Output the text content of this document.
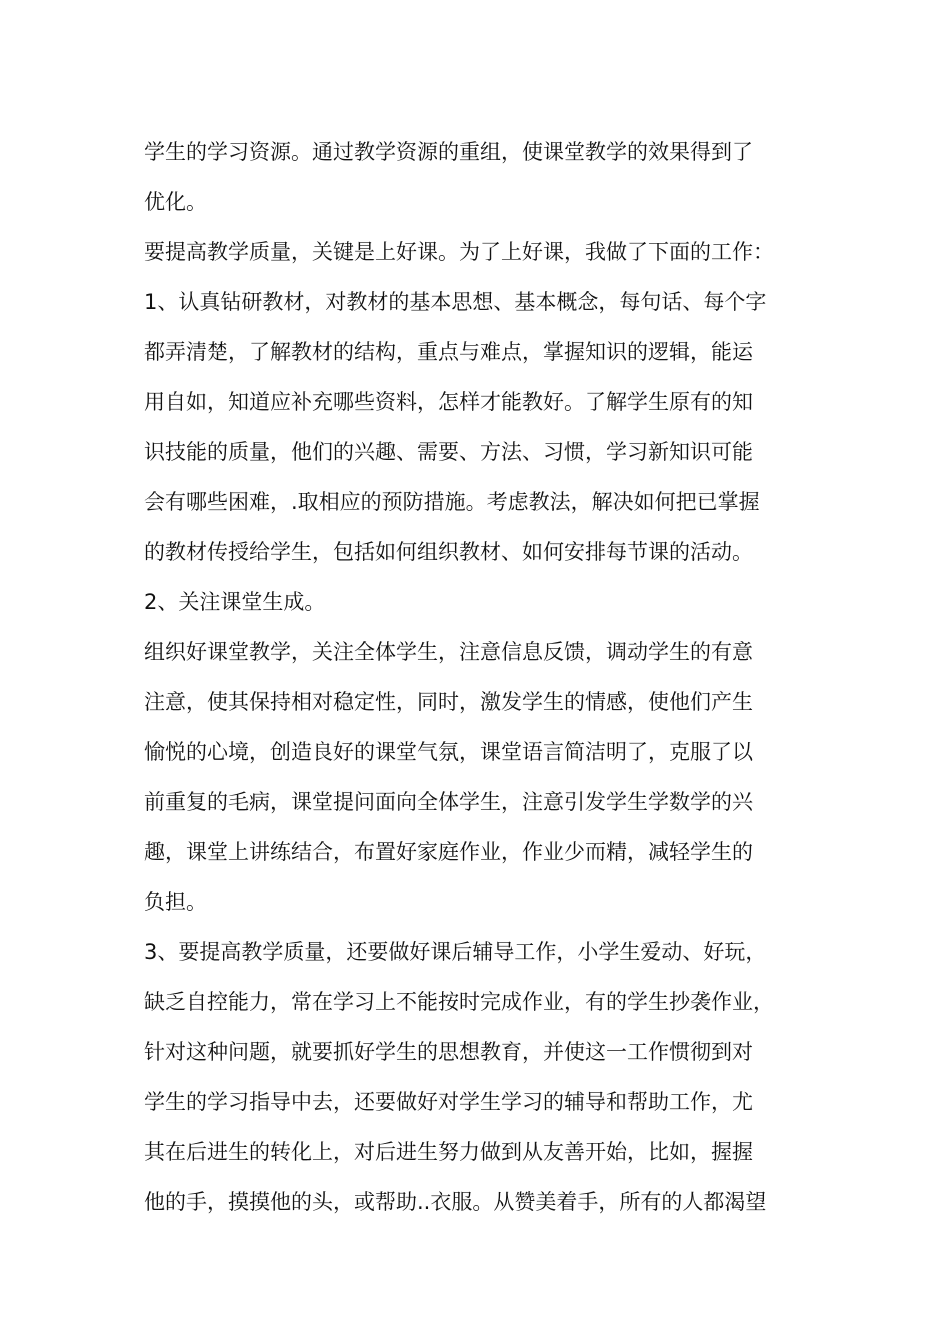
学生的学习资源。通过教学资源的重组，使课堂教学的效果得到了
优化。
要提高教学质量，关键是上好课。为了上好课，我做了下面的工作：
1、认真钻研教材，对教材的基本思想、基本概念，每句话、每个字
都弄清楚，了解教材的结构，重点与难点，掌握知识的逻辑，能运
用自如，知道应补充哪些资料，怎样才能教好。了解学生原有的知
识技能的质量，他们的兴趣、需要、方法、习惯，学习新知识可能
会有哪些困难，.取相应的预防措施。考虑教法，解决如何把已掌握
的教材传授给学生，包括如何组织教材、如何安排每节课的活动。
2、关注课堂生成。
组织好课堂教学，关注全体学生，注意信息反馈，调动学生的有意
注意，使其保持相对稳定性，同时，激发学生的情感，使他们产生
愉悦的心境，创造良好的课堂气氛，课堂语言简洁明了，克服了以
前重复的毛病，课堂提问面向全体学生，注意引发学生学数学的兴
趣，课堂上讲练结合，布置好家庭作业，作业少而精，减轻学生的
负担。
3、要提高教学质量，还要做好课后辅导工作，小学生爱动、好玩，
缺乏自控能力，常在学习上不能按时完成作业，有的学生抄袭作业，
针对这种问题，就要抓好学生的思想教育，并使这一工作惯彻到对
学生的学习指导中去，还要做好对学生学习的辅导和帮助工作，尤
其在后进生的转化上，对后进生努力做到从友善开始，比如，握握
他的手，摸摸他的头，或帮助..衣服。从赞美着手，所有的人都渴望
